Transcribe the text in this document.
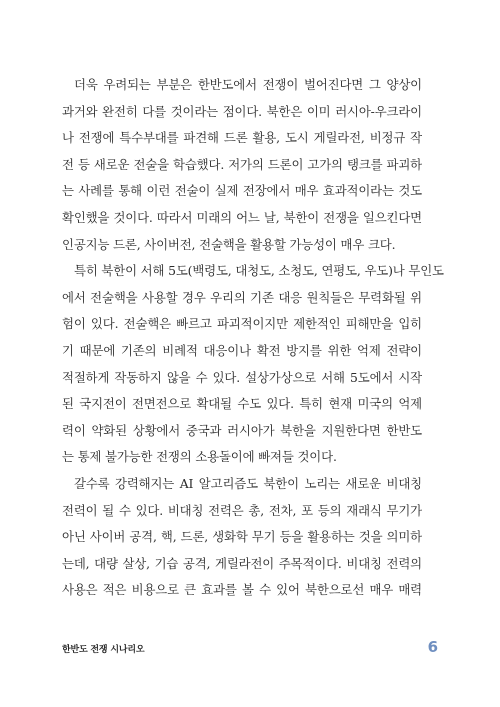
더욱 우려되는 부분은 한반도에서 전쟁이 벌어진다면 그 양상이
과거와 완전히 다를 것이라는 점이다. 북한은 이미 러시아-우크라이
나 전쟁에 특수부대를 파견해 드론 활용, 도시 게릴라전, 비정규 작
전 등 새로운 전술을 학습했다. 저가의 드론이 고가의 탱크를 파괴하
는 사례를 통해 이런 전술이 실제 전장에서 매우 효과적이라는 것도
확인했을 것이다. 따라서 미래의 어느 날, 북한이 전쟁을 일으킨다면
인공지능 드론, 사이버전, 전술핵을 활용할 가능성이 매우 크다.
특히 북한이 서해 5도(백령도, 대청도, 소청도, 연평도, 우도)나 무인도
에서 전술핵을 사용할 경우 우리의 기존 대응 원칙들은 무력화될 위
험이 있다. 전술핵은 빠르고 파괴적이지만 제한적인 피해만을 입히
기 때문에 기존의 비례적 대응이나 확전 방지를 위한 억제 전략이
적절하게 작동하지 않을 수 있다. 설상가상으로 서해 5도에서 시작
된 국지전이 전면전으로 확대될 수도 있다. 특히 현재 미국의 억제
력이 약화된 상황에서 중국과 러시아가 북한을 지원한다면 한반도
는 통제 불가능한 전쟁의 소용돌이에 빠져들 것이다.
갈수록 강력해지는 AI 알고리즘도 북한이 노리는 새로운 비대칭
전력이 될 수 있다. 비대칭 전력은 총, 전차, 포 등의 재래식 무기가
아닌 사이버 공격, 핵, 드론, 생화학 무기 등을 활용하는 것을 의미하
는데, 대량 살상, 기습 공격, 게릴라전이 주목적이다. 비대칭 전력의
사용은 적은 비용으로 큰 효과를 볼 수 있어 북한으로선 매우 매력
한반도 전쟁 시나리오	6
